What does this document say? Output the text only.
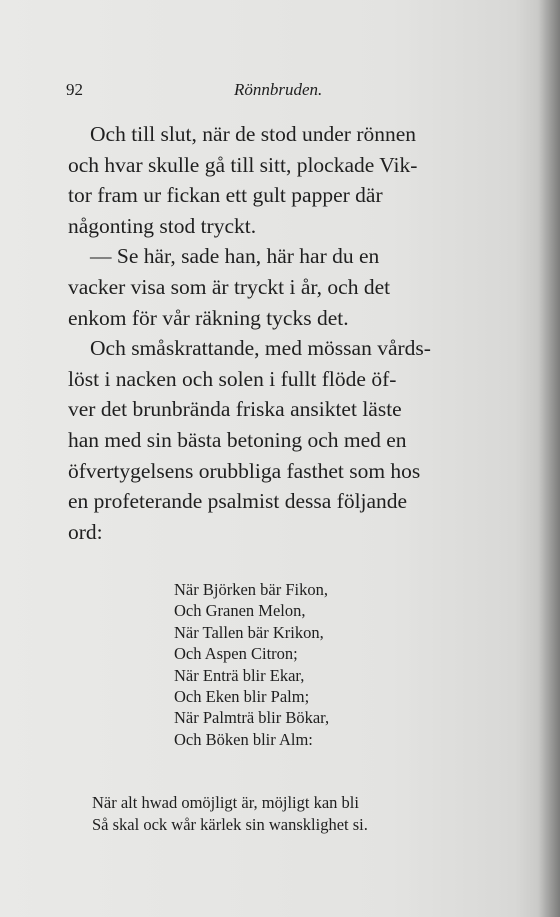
92	Rönnbruden.

Och till slut, när de stod under rönnen
och hvar skulle gå till sitt, plockade Vik-
tor fram ur fickan ett gult papper där
någonting stod tryckt.

— Se här, sade han, här har du en
vacker visa som är tryckt i år, och det
enkom för vår räkning tycks det.

Och småskrattande, med mössan vårds-
löst i nacken och solen i fullt flöde öf-
ver det brunbrända friska ansiktet läste
han med sin bästa betoning och med en
öfvertygelsens orubbliga fasthet som hos
en profeterande psalmist dessa följande
ord:

När Björken bär Fikon,
Och Granen Melon,
När Tallen bär Krikon,
Och Aspen Citron;
När Enträ blir Ekar,
Och Eken blir Palm;
När Palmträ blir Bökar,
Och Böken blir Alm:
När alt hwad omöjligt är, möjligt kan bli
Så skal ock wår kärlek sin wansklighet si.
